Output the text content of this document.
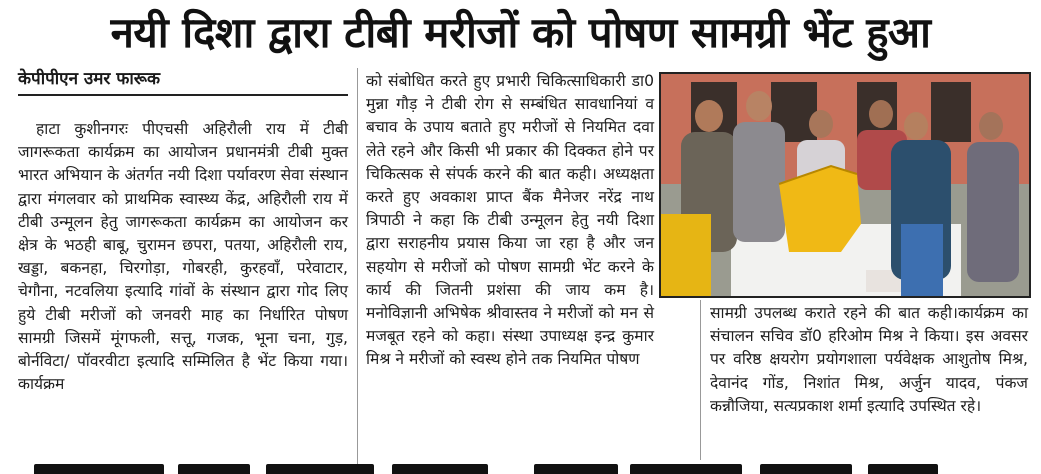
नयी दिशा द्वारा टीबी मरीजों को पोषण सामग्री भेंट हुआ
केपीपीएन उमर फारूक

हाटा कुशीनगरः पीएचसी अहिरौली राय में टीबी जागरूकता कार्यक्रम का आयोजन प्रधानमंत्री टीबी मुक्त भारत अभियान के अंतर्गत नयी दिशा पर्यावरण सेवा संस्थान द्वारा मंगलवार को प्राथमिक स्वास्थ्य केंद्र, अहिरौली राय में टीबी उन्मूलन हेतु जागरूकता कार्यक्रम का आयोजन कर क्षेत्र के भठही बाबू, चुरामन छपरा, पतया, अहिरौली राय, खड्डा, बकनहा, चिरगोड़ा, गोबरही, कुरहवाँ, परेवाटार, चेगौना, नटवलिया इत्यादि गांवों के संस्थान द्वारा गोद लिए हुये टीबी मरीजों को जनवरी माह का निर्धारित पोषण सामग्री जिसमें मूंगफली, सत्तू, गजक, भूना चना, गुड़, बोर्नविटा/ पॉवरवीटा इत्यादि सम्मिलित है भेंट किया गया।कार्यक्रम

को संबोधित करते हुए प्रभारी चिकित्साधिकारी डा0 मुन्ना गौड़ ने टीबी रोग से सम्बंधित सावधानियां व बचाव के उपाय बताते हुए मरीजों से नियमित दवा लेते रहने और किसी भी प्रकार की दिक्कत होने पर चिकित्सक से संपर्क करने की बात कही। अध्यक्षता करते हुए अवकाश प्राप्त बैंक मैनेजर नरेंद्र नाथ त्रिपाठी ने कहा कि टीबी उन्मूलन हेतु नयी दिशा द्वारा सराहनीय प्रयास किया जा रहा है और जन सहयोग से मरीजों को पोषण सामग्री भेंट करने के कार्य की जितनी प्रशंसा की जाय कम है। मनोविज्ञानी अभिषेक श्रीवास्तव ने मरीजों को मन से मजबूत रहने को कहा। संस्था उपाध्यक्ष इन्द्र कुमार मिश्र ने मरीजों को स्वस्थ होने तक नियमित पोषण

सामग्री उपलब्ध कराते रहने की बात कही।कार्यक्रम का संचालन सचिव डॉ0 हरिओम मिश्र ने किया। इस अवसर पर वरिष्ठ क्षयरोग प्रयोगशाला पर्यवेक्षक आशुतोष मिश्र, देवानंद गोंड, निशांत मिश्र, अर्जुन यादव, पंकज कन्नौजिया, सत्यप्रकाश शर्मा इत्यादि उपस्थित रहे।
